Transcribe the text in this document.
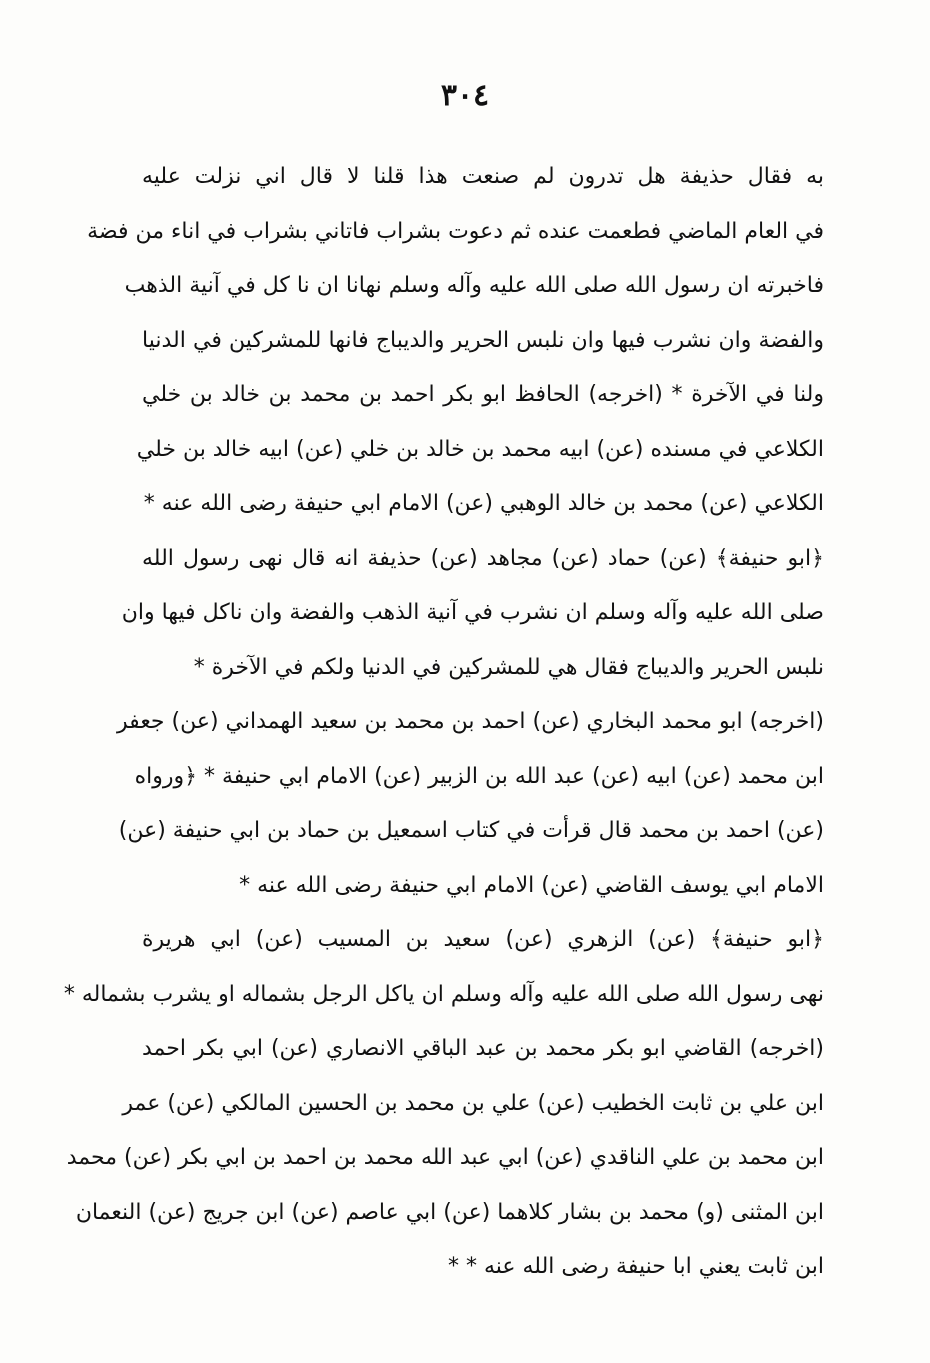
٣٠٤
به فقال حذيفة هل تدرون لم صنعت هذا قلنا لا قال اني نزلت عليه
في العام الماضي فطعمت عنده ثم دعوت بشراب فاتاني بشراب في اناء من فضة
فاخبرته ان رسول الله صلى الله عليه وآله وسلم نهانا ان نا كل في آنية الذهب
والفضة وان نشرب فيها وان نلبس الحرير والديباج فانها للمشركين في الدنيا
ولنا في الآخرة * (اخرجه) الحافظ ابو بكر احمد بن محمد بن خالد بن خلي
الكلاعي في مسنده (عن) ابيه محمد بن خالد بن خلي (عن) ابيه خالد بن خلي
الكلاعي (عن) محمد بن خالد الوهبي (عن) الامام ابي حنيفة رضى الله عنه *
﴿ابو حنيفة﴾ (عن) حماد (عن) مجاهد (عن) حذيفة انه قال نهى رسول الله
صلى الله عليه وآله وسلم ان نشرب في آنية الذهب والفضة وان ناكل فيها وان
نلبس الحرير والديباج فقال هي للمشركين في الدنيا ولكم في الآخرة *
(اخرجه) ابو محمد البخاري (عن) احمد بن محمد بن سعيد الهمداني (عن) جعفر
ابن محمد (عن) ابيه (عن) عبد الله بن الزبير (عن) الامام ابي حنيفة * ﴿ورواه
(عن) احمد بن محمد قال قرأت في كتاب اسمعيل بن حماد بن ابي حنيفة (عن)
الامام ابي يوسف القاضي (عن) الامام ابي حنيفة رضى الله عنه *
﴿ابو حنيفة﴾ (عن) الزهري (عن) سعيد بن المسيب (عن) ابي هريرة
نهى رسول الله صلى الله عليه وآله وسلم ان ياكل الرجل بشماله او يشرب بشماله *
(اخرجه) القاضي ابو بكر محمد بن عبد الباقي الانصاري (عن) ابي بكر احمد
ابن علي بن ثابت الخطيب (عن) علي بن محمد بن الحسين المالكي (عن) عمر
ابن محمد بن علي الناقدي (عن) ابي عبد الله محمد بن احمد بن ابي بكر (عن) محمد
ابن المثنى (و) محمد بن بشار كلاهما (عن) ابي عاصم (عن) ابن جريج (عن) النعمان
ابن ثابت يعني ابا حنيفة رضى الله عنه * *
